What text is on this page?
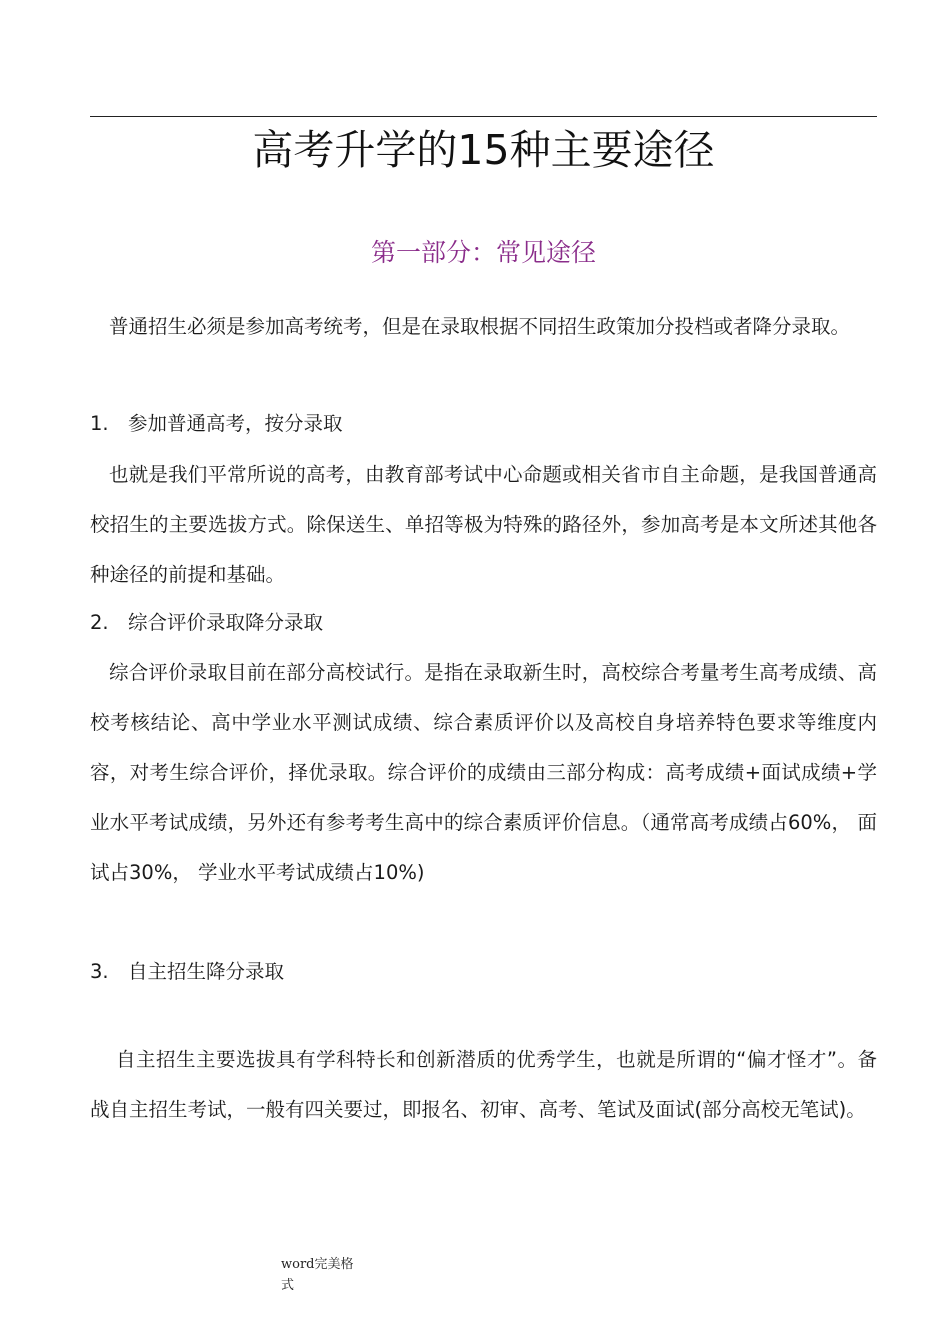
高考升学的15种主要途径
第一部分：常见途径

普通招生必须是参加高考统考，但是在录取根据不同招生政策加分投档或者降分录取。

1. 参加普通高考，按分录取

也就是我们平常所说的高考，由教育部考试中心命题或相关省市自主命题，是我国普通高校招生的主要选拔方式。除保送生、单招等极为特殊的路径外，参加高考是本文所述其他各种途径的前提和基础。

2. 综合评价录取降分录取

综合评价录取目前在部分高校试行。是指在录取新生时，高校综合考量考生高考成绩、高校考核结论、高中学业水平测试成绩、综合素质评价以及高校自身培养特色要求等维度内容，对考生综合评价，择优录取。综合评价的成绩由三部分构成：高考成绩+面试成绩+学业水平考试成绩，另外还有参考考生高中的综合素质评价信息。（通常高考成绩占60%， 面试占30%， 学业水平考试成绩占10%)

3. 自主招生降分录取

自主招生主要选拔具有学科特长和创新潜质的优秀学生，也就是所谓的“偏才怪才”。备战自主招生考试，一般有四关要过，即报名、初审、高考、笔试及面试(部分高校无笔试)。

word完美格式
